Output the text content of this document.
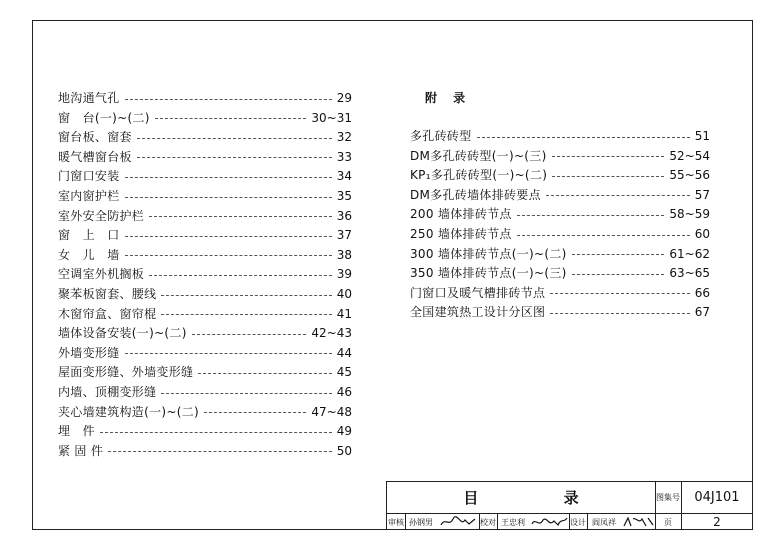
地沟通气孔	29
窗　台(一)~(二)	30~31
窗台板、窗套	32
暖气槽窗台板	33
门窗口安装	34
室内窗护栏	35
室外安全防护栏	36
窗　上　口	37
女　儿　墙	38
空调室外机搁板	39
聚苯板窗套、腰线	40
木窗帘盒、窗帘棍	41
墙体设备安装(一)~(二)	42~43
外墙变形缝	44
屋面变形缝、外墙变形缝	45
内墙、顶棚变形缝	46
夹心墙建筑构造(一)~(二)	47~48
埋　件	49
紧 固 件	50
附 录
多孔砖砖型	51
DM多孔砖砖型(一)~(三)	52~54
KP₁多孔砖砖型(一)~(二)	55~56
DM多孔砖墙体排砖要点	57
200 墙体排砖节点	58~59
250 墙体排砖节点	60
300 墙体排砖节点(一)~(二)	61~62
350 墙体排砖节点(一)~(三)	63~65
门窗口及暖气槽排砖节点	66
全国建筑热工设计分区图	67
目 录	图集号	04J101
审核 孙钢男	校对 王忠利	设计 阎凤祥	页	2
